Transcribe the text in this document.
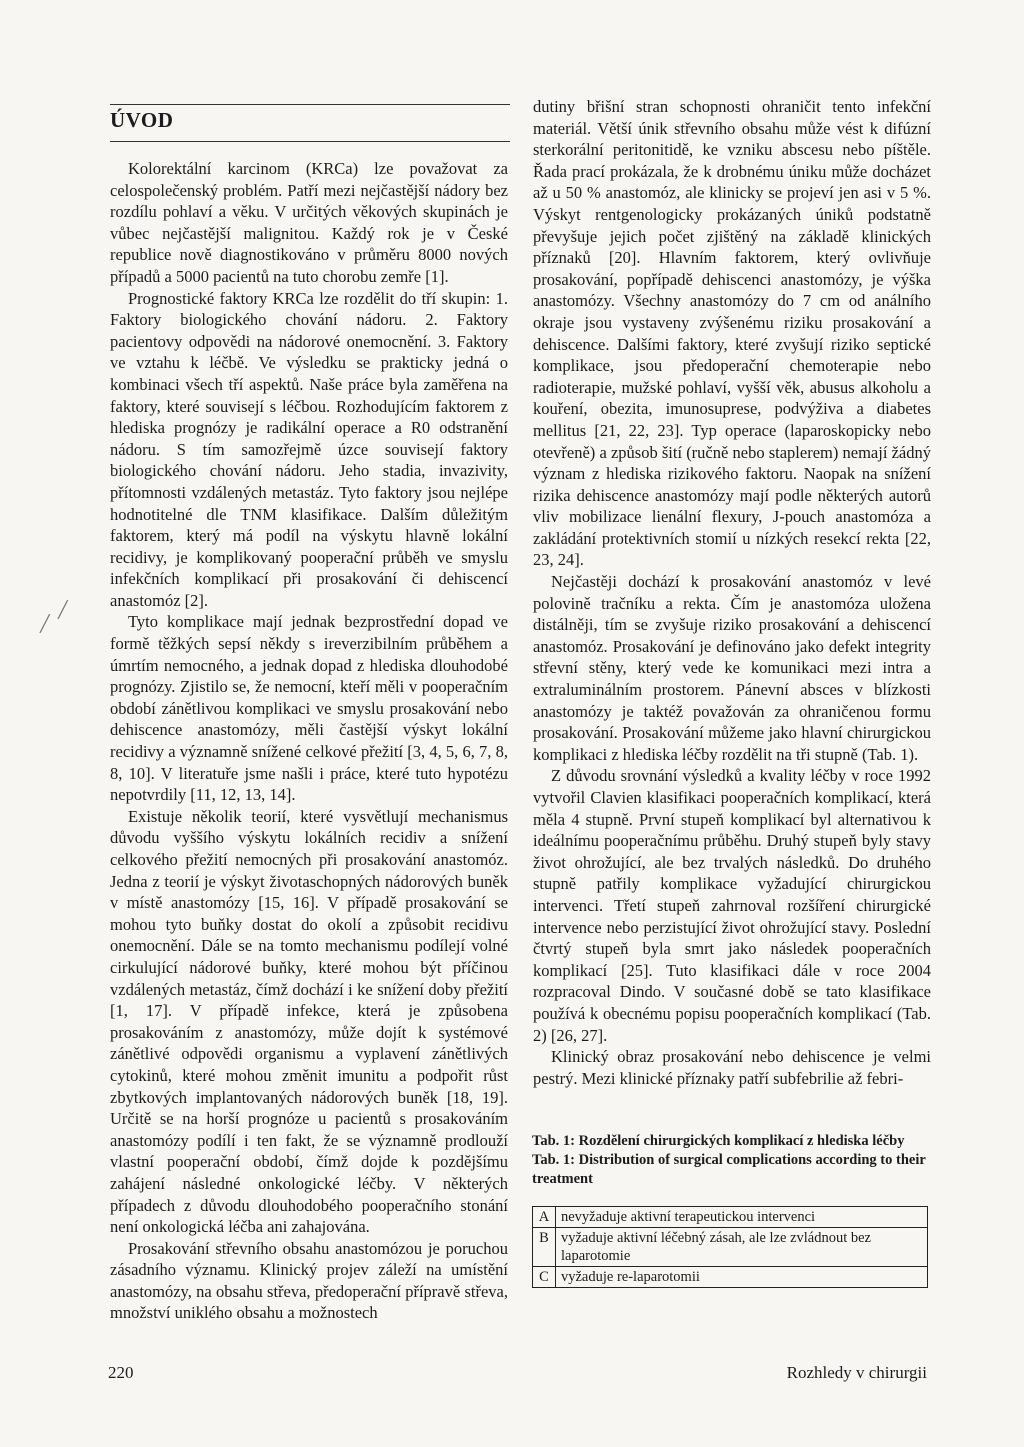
ÚVOD

Kolorektální karcinom (KRCa) lze považovat za celospolečenský problém. Patří mezi nejčastější nádory bez rozdílu pohlaví a věku. V určitých věkových skupinách je vůbec nejčastější malignitou. Každý rok je v České republice nově diagnostikováno v průměru 8000 nových případů a 5000 pacientů na tuto chorobu zemře [1].

Prognostické faktory KRCa lze rozdělit do tří skupin: 1. Faktory biologického chování nádoru. 2. Faktory pacientovy odpovědi na nádorové onemocnění. 3. Faktory ve vztahu k léčbě. Ve výsledku se prakticky jedná o kombinaci všech tří aspektů. Naše práce byla zaměřena na faktory, které souvisejí s léčbou. Rozhodujícím faktorem z hlediska prognózy je radikální operace a R0 odstranění nádoru. S tím samozřejmě úzce souvisejí faktory biologického chování nádoru. Jeho stadia, invazivity, přítomnosti vzdálených metastáz. Tyto faktory jsou nejlépe hodnotitelné dle TNM klasifikace. Dalším důležitým faktorem, který má podíl na výskytu hlavně lokální recidivy, je komplikovaný pooperační průběh ve smyslu infekčních komplikací při prosakování či dehiscencí anastomóz [2].

Tyto komplikace mají jednak bezprostřední dopad ve formě těžkých sepsí někdy s ireverzibilním průběhem a úmrtím nemocného, a jednak dopad z hlediska dlouhodobé prognózy. Zjistilo se, že nemocní, kteří měli v pooperačním období zánětlivou komplikaci ve smyslu prosakování nebo dehiscence anastomózy, měli častější výskyt lokální recidivy a významně snížené celkové přežití [3, 4, 5, 6, 7, 8, 8, 10]. V literatuře jsme našli i práce, které tuto hypotézu nepotvrdily [11, 12, 13, 14].

Existuje několik teorií, které vysvětlují mechanismus důvodu vyššího výskytu lokálních recidiv a snížení celkového přežití nemocných při prosakování anastomóz. Jedna z teorií je výskyt životaschopných nádorových buněk v místě anastomózy [15, 16]. V případě prosakování se mohou tyto buňky dostat do okolí a způsobit recidivu onemocnění. Dále se na tomto mechanismu podílejí volné cirkulující nádorové buňky, které mohou být příčinou vzdálených metastáz, čímž dochází i ke snížení doby přežití [1, 17]. V případě infekce, která je způsobena prosakováním z anastomózy, může dojít k systémové zánětlivé odpovědi organismu a vyplavení zánětlivých cytokinů, které mohou změnit imunitu a podpořit růst zbytkových implantovaných nádorových buněk [18, 19]. Určitě se na horší prognóze u pacientů s prosakováním anastomózy podílí i ten fakt, že se významně prodlouží vlastní pooperační období, čímž dojde k pozdějšímu zahájení následné onkologické léčby. V některých případech z důvodu dlouhodobého pooperačního stonání není onkologická léčba ani zahajována.

Prosakování střevního obsahu anastomózou je poruchou zásadního významu. Klinický projev záleží na umístění anastomózy, na obsahu střeva, předoperační přípravě střeva, množství uniklého obsahu a možnostech

dutiny břišní stran schopnosti ohraničit tento infekční materiál. Větší únik střevního obsahu může vést k difúzní sterkorální peritonitidě, ke vzniku abscesu nebo píštěle. Řada prací prokázala, že k drobnému úniku může docházet až u 50 % anastomóz, ale klinicky se projeví jen asi v 5 %. Výskyt rentgenologicky prokázaných úniků podstatně převyšuje jejich počet zjištěný na základě klinických příznaků [20]. Hlavním faktorem, který ovlivňuje prosakování, popřípadě dehiscenci anastomózy, je výška anastomózy. Všechny anastomózy do 7 cm od análního okraje jsou vystaveny zvýšenému riziku prosakování a dehiscence. Dalšími faktory, které zvyšují riziko septické komplikace, jsou předoperační chemoterapie nebo radioterapie, mužské pohlaví, vyšší věk, abusus alkoholu a kouření, obezita, imunosuprese, podvýživa a diabetes mellitus [21, 22, 23]. Typ operace (laparoskopicky nebo otevřeně) a způsob šití (ručně nebo staplerem) nemají žádný význam z hlediska rizikového faktoru. Naopak na snížení rizika dehiscence anastomózy mají podle některých autorů vliv mobilizace lienální flexury, J-pouch anastomóza a zakládání protektivních stomií u nízkých resekcí rekta [22, 23, 24].

Nejčastěji dochází k prosakování anastomóz v levé polovině tračníku a rekta. Čím je anastomóza uložena distálněji, tím se zvyšuje riziko prosakování a dehiscencí anastomóz. Prosakování je definováno jako defekt integrity střevní stěny, který vede ke komunikaci mezi intra a extraluminálním prostorem. Pánevní absces v blízkosti anastomózy je taktéž považován za ohraničenou formu prosakování. Prosakování můžeme jako hlavní chirurgickou komplikaci z hlediska léčby rozdělit na tři stupně (Tab. 1).

Z důvodu srovnání výsledků a kvality léčby v roce 1992 vytvořil Clavien klasifikaci pooperačních komplikací, která měla 4 stupně. První stupeň komplikací byl alternativou k ideálnímu pooperačnímu průběhu. Druhý stupeň byly stavy život ohrožující, ale bez trvalých následků. Do druhého stupně patřily komplikace vyžadující chirurgickou intervenci. Třetí stupeň zahrnoval rozšíření chirurgické intervence nebo perzistující život ohrožující stavy. Poslední čtvrtý stupeň byla smrt jako následek pooperačních komplikací [25]. Tuto klasifikaci dále v roce 2004 rozpracoval Dindo. V současné době se tato klasifikace používá k obecnému popisu pooperačních komplikací (Tab. 2) [26, 27].

Klinický obraz prosakování nebo dehiscence je velmi pestrý. Mezi klinické příznaky patří subfebrilie až febri-

Tab. 1: Rozdělení chirurgických komplikací z hlediska léčby
Tab. 1: Distribution of surgical complications according to their treatment
A	nevyžaduje aktivní terapeutickou intervenci
B	vyžaduje aktivní léčebný zásah, ale lze zvládnout bez laparotomie
C	vyžaduje re-laparotomii
220	Rozhledy v chirurgii
╱
╱
